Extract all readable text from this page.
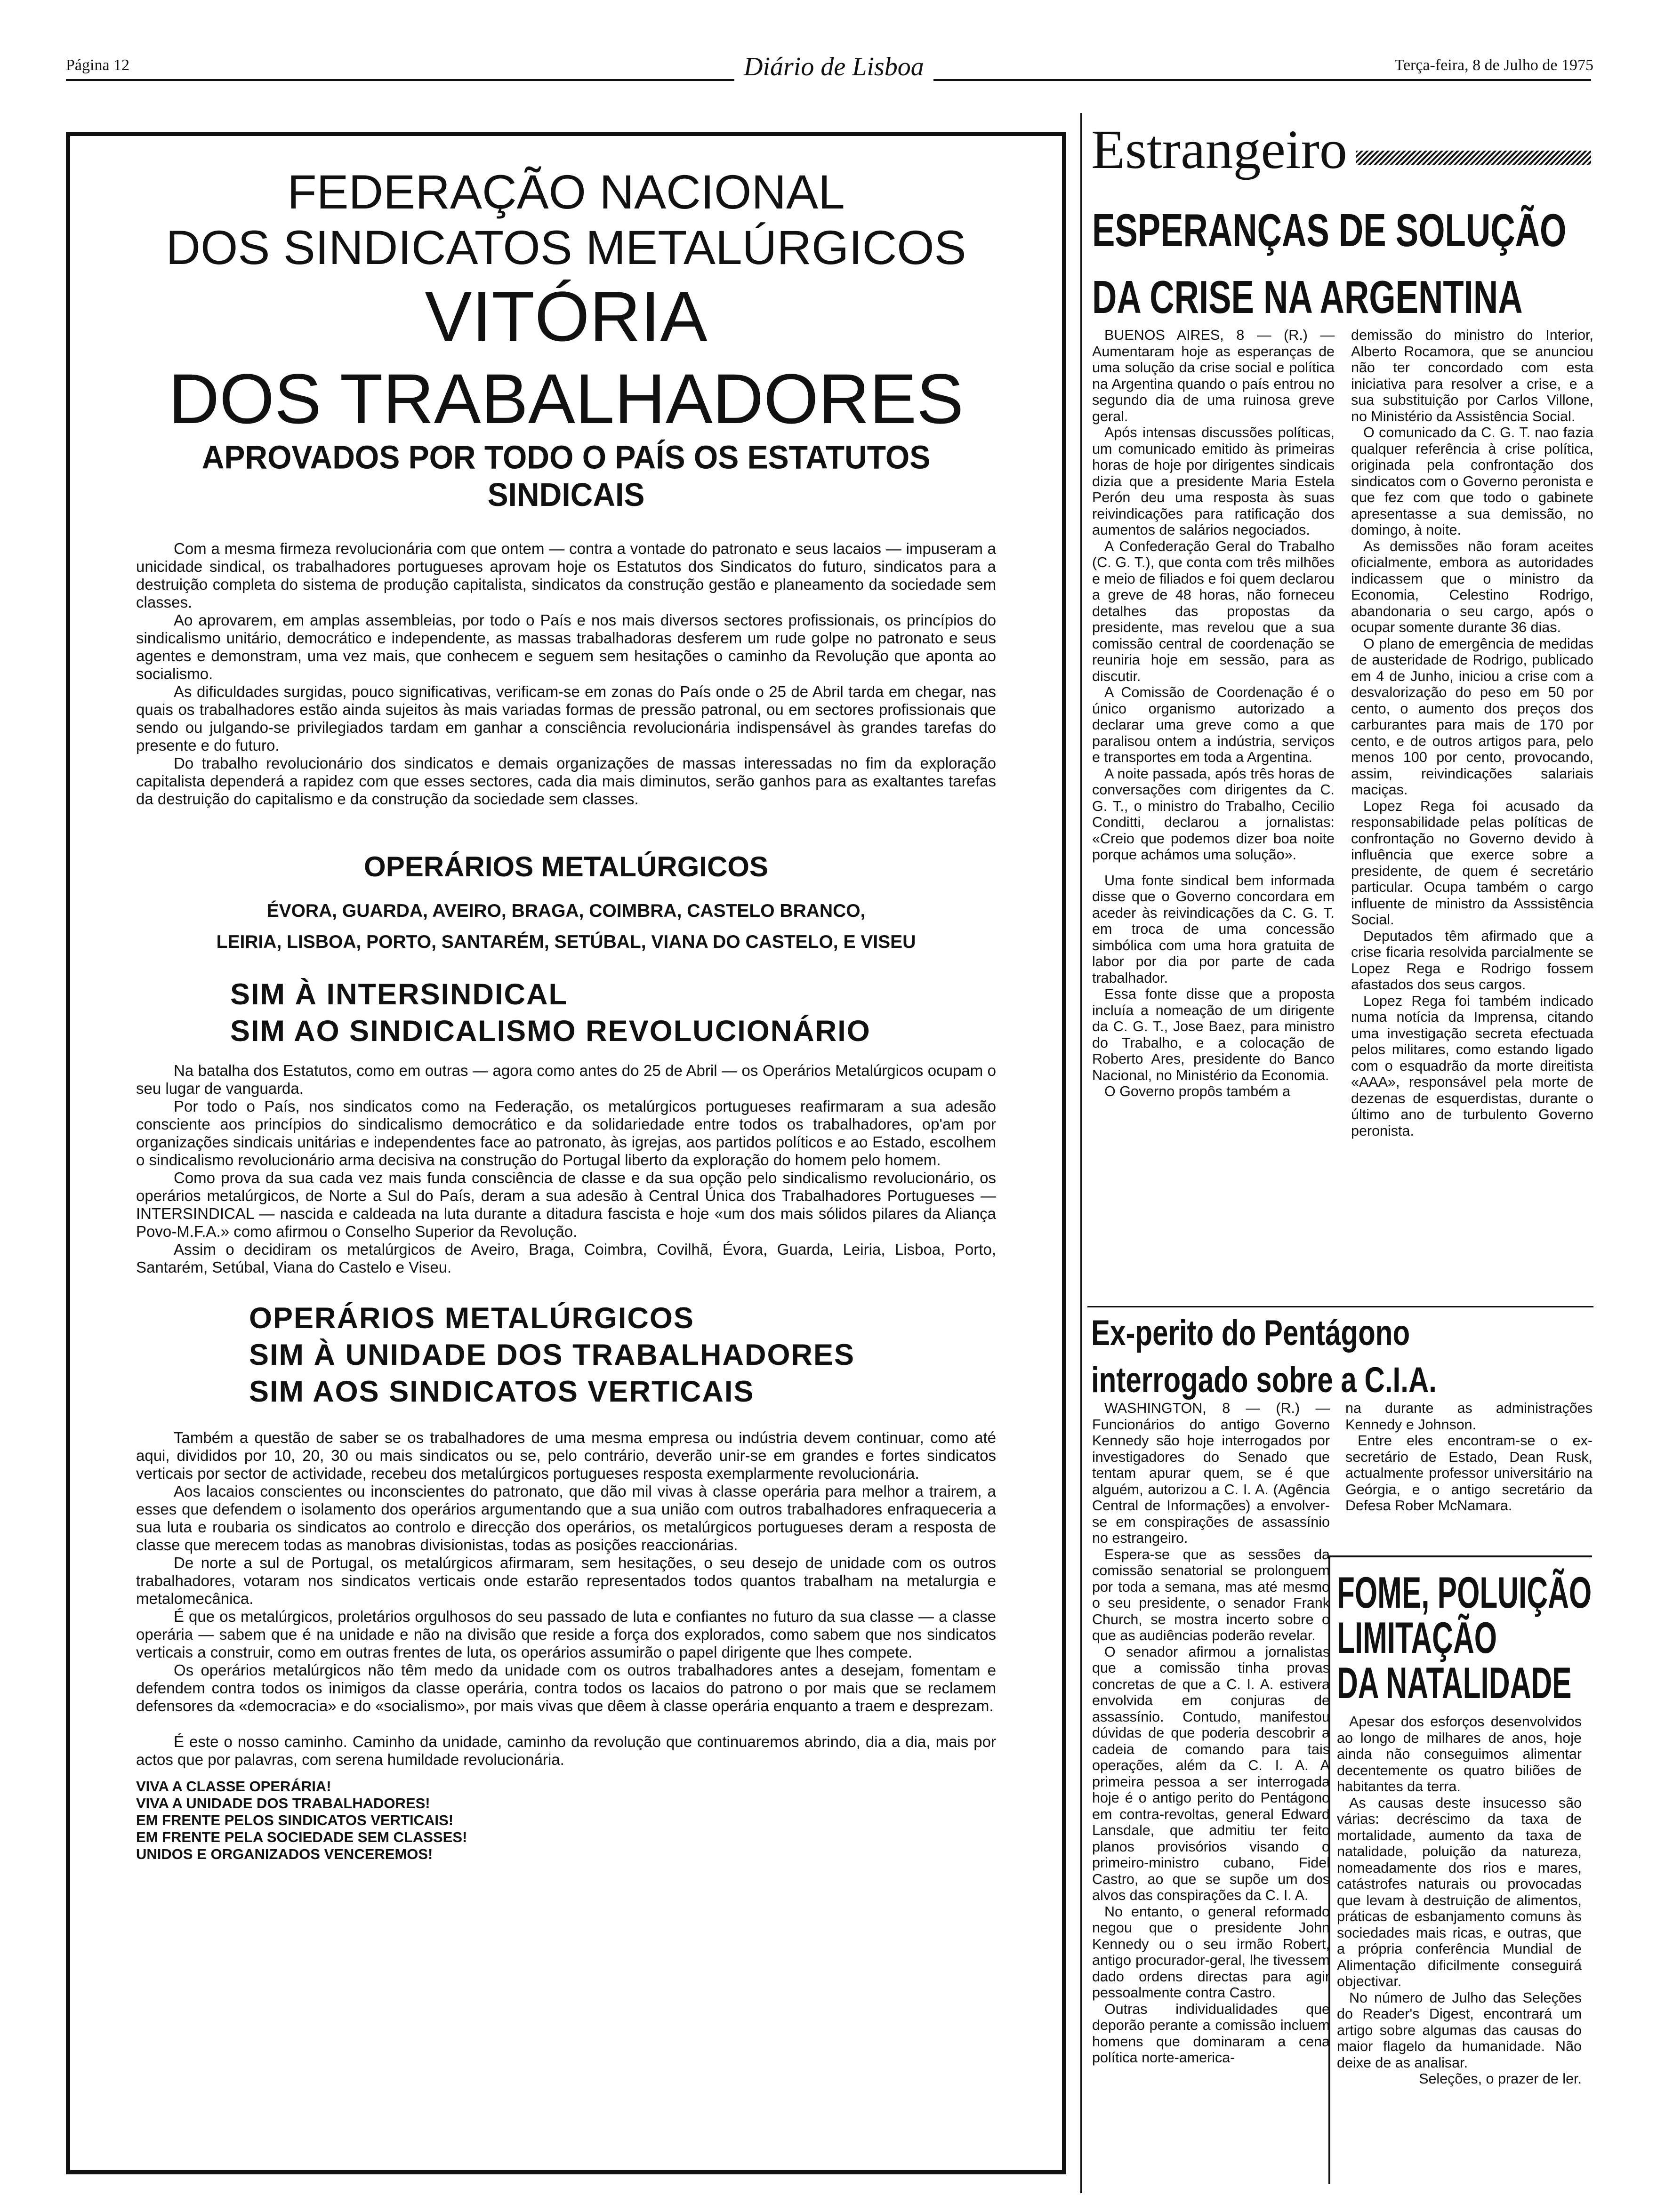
Página 12	Diário de Lisboa	Terça-feira, 8 de Julho de 1975

FEDERAÇÃO NACIONAL

DOS SINDICATOS METALÚRGICOS

VITÓRIA

DOS TRABALHADORES

APROVADOS POR TODO O PAÍS OS ESTATUTOS SINDICAIS

Com a mesma firmeza revolucionária com que ontem — contra a vontade do patronato e seus lacaios — impuseram a unicidade sindical, os trabalhadores portugueses aprovam hoje os Estatutos dos Sindicatos do futuro, sindicatos para a destruição completa do sistema de produção capitalista, sindicatos da construção gestão e planeamento da sociedade sem classes.

Ao aprovarem, em amplas assembleias, por todo o País e nos mais diversos sectores profissionais, os princípios do sindicalismo unitário, democrático e independente, as massas trabalhadoras desferem um rude golpe no patronato e seus agentes e demonstram, uma vez mais, que conhecem e seguem sem hesitações o caminho da Revolução que aponta ao socialismo.

As dificuldades surgidas, pouco significativas, verificam-se em zonas do País onde o 25 de Abril tarda em chegar, nas quais os trabalhadores estão ainda sujeitos às mais variadas formas de pressão patronal, ou em sectores profissionais que sendo ou julgando-se privilegiados tardam em ganhar a consciência revolucionária indispensável às grandes tarefas do presente e do futuro.

Do trabalho revolucionário dos sindicatos e demais organizações de massas interessadas no fim da exploração capitalista dependerá a rapidez com que esses sectores, cada dia mais diminutos, serão ganhos para as exaltantes tarefas da destruição do capitalismo e da construção da sociedade sem classes.

OPERÁRIOS METALÚRGICOS

ÉVORA, GUARDA, AVEIRO, BRAGA, COIMBRA, CASTELO BRANCO,

LEIRIA, LISBOA, PORTO, SANTARÉM, SETÚBAL, VIANA DO CASTELO, E VISEU

SIM À INTERSINDICAL

SIM AO SINDICALISMO REVOLUCIONÁRIO

Na batalha dos Estatutos, como em outras — agora como antes do 25 de Abril — os Operários Metalúrgicos ocupam o seu lugar de vanguarda.

Por todo o País, nos sindicatos como na Federação, os metalúrgicos portugueses reafirmaram a sua adesão consciente aos princípios do sindicalismo democrático e da solidariedade entre todos os trabalhadores, op'am por organizações sindicais unitárias e independentes face ao patronato, às igrejas, aos partidos políticos e ao Estado, escolhem o sindicalismo revolucionário arma decisiva na construção do Portugal liberto da exploração do homem pelo homem.

Como prova da sua cada vez mais funda consciência de classe e da sua opção pelo sindicalismo revolucionário, os operários metalúrgicos, de Norte a Sul do País, deram a sua adesão à Central Única dos Trabalhadores Portugueses — INTERSINDICAL — nascida e caldeada na luta durante a ditadura fascista e hoje «um dos mais sólidos pilares da Aliança Povo-M.F.A.» como afirmou o Conselho Superior da Revolução.

Assim o decidiram os metalúrgicos de Aveiro, Braga, Coimbra, Covilhã, Évora, Guarda, Leiria, Lisboa, Porto, Santarém, Setúbal, Viana do Castelo e Viseu.

OPERÁRIOS METALÚRGICOS

SIM À UNIDADE DOS TRABALHADORES

SIM AOS SINDICATOS VERTICAIS

Também a questão de saber se os trabalhadores de uma mesma empresa ou indústria devem continuar, como até aqui, divididos por 10, 20, 30 ou mais sindicatos ou se, pelo contrário, deverão unir-se em grandes e fortes sindicatos verticais por sector de actividade, recebeu dos metalúrgicos portugueses resposta exemplarmente revolucionária.

Aos lacaios conscientes ou inconscientes do patronato, que dão mil vivas à classe operária para melhor a trairem, a esses que defendem o isolamento dos operários argumentando que a sua união com outros trabalhadores enfraqueceria a sua luta e roubaria os sindicatos ao controlo e direcção dos operários, os metalúrgicos portugueses deram a resposta de classe que merecem todas as manobras divisionistas, todas as posições reaccionárias.

De norte a sul de Portugal, os metalúrgicos afirmaram, sem hesitações, o seu desejo de unidade com os outros trabalhadores, votaram nos sindicatos verticais onde estarão representados todos quantos trabalham na metalurgia e metalomecânica.

É que os metalúrgicos, proletários orgulhosos do seu passado de luta e confiantes no futuro da sua classe — a classe operária — sabem que é na unidade e não na divisão que reside a força dos explorados, como sabem que nos sindicatos verticais a construir, como em outras frentes de luta, os operários assumirão o papel dirigente que lhes compete.

Os operários metalúrgicos não têm medo da unidade com os outros trabalhadores antes a desejam, fomentam e defendem contra todos os inimigos da classe operária, contra todos os lacaios do patrono o por mais que se reclamem defensores da «democracia» e do «socialismo», por mais vivas que dêem à classe operária enquanto a traem e desprezam.

É este o nosso caminho. Caminho da unidade, caminho da revolução que continuaremos abrindo, dia a dia, mais por actos que por palavras, com serena humildade revolucionária.

VIVA A CLASSE OPERÁRIA!

VIVA A UNIDADE DOS TRABALHADORES!

EM FRENTE PELOS SINDICATOS VERTICAIS!

EM FRENTE PELA SOCIEDADE SEM CLASSES!

UNIDOS E ORGANIZADOS VENCEREMOS!

Estrangeiro
ESPERANÇAS DE SOLUÇÃO
DA CRISE NA ARGENTINA

BUENOS AIRES, 8 — (R.) — Aumentaram hoje as esperanças de uma solução da crise social e política na Argentina quando o país entrou no segundo dia de uma ruinosa greve geral.

Após intensas discussões políticas, um comunicado emitido às primeiras horas de hoje por dirigentes sindicais dizia que a presidente Maria Estela Perón deu uma resposta às suas reivindicações para ratificação dos aumentos de salários negociados.

A Confederação Geral do Trabalho (C. G. T.), que conta com três milhões e meio de filiados e foi quem declarou a greve de 48 horas, não forneceu detalhes das propostas da presidente, mas revelou que a sua comissão central de coordenação se reuniria hoje em sessão, para as discutir.

A Comissão de Coordenação é o único organismo autorizado a declarar uma greve como a que paralisou ontem a indústria, serviços e transportes em toda a Argentina.

A noite passada, após três horas de conversações com dirigentes da C. G. T., o ministro do Trabalho, Cecilio Conditti, declarou a jornalistas: «Creio que podemos dizer boa noite porque achámos uma solução».

Uma fonte sindical bem informada disse que o Governo concordara em aceder às reivindicações da C. G. T. em troca de uma concessão simbólica com uma hora gratuita de labor por dia por parte de cada trabalhador.

Essa fonte disse que a proposta incluía a nomeação de um dirigente da C. G. T., Jose Baez, para ministro do Trabalho, e a colocação de Roberto Ares, presidente do Banco Nacional, no Ministério da Economia.

O Governo propôs também a

demissão do ministro do Interior, Alberto Rocamora, que se anunciou não ter concordado com esta iniciativa para resolver a crise, e a sua substituição por Carlos Villone, no Ministério da Assistência Social.

O comunicado da C. G. T. nao fazia qualquer referência à crise política, originada pela confrontação dos sindicatos com o Governo peronista e que fez com que todo o gabinete apresentasse a sua demissão, no domingo, à noite.

As demissões não foram aceites oficialmente, embora as autoridades indicassem que o ministro da Economia, Celestino Rodrigo, abandonaria o seu cargo, após o ocupar somente durante 36 dias.

O plano de emergência de medidas de austeridade de Rodrigo, publicado em 4 de Junho, iniciou a crise com a desvalorização do peso em 50 por cento, o aumento dos preços dos carburantes para mais de 170 por cento, e de outros artigos para, pelo menos 100 por cento, provocando, assim, reivindicações salariais maciças.

Lopez Rega foi acusado da responsabilidade pelas políticas de confrontação no Governo devido à influência que exerce sobre a presidente, de quem é secretário particular. Ocupa também o cargo influente de ministro da Asssistência Social.

Deputados têm afirmado que a crise ficaria resolvida parcialmente se Lopez Rega e Rodrigo fossem afastados dos seus cargos.

Lopez Rega foi também indicado numa notícia da Imprensa, citando uma investigação secreta efectuada pelos militares, como estando ligado com o esquadrão da morte direitista «AAA», responsável pela morte de dezenas de esquerdistas, durante o último ano de turbulento Governo peronista.

Ex-perito do Pentágono
interrogado sobre a C.I.A.

WASHINGTON, 8 — (R.) — Funcionários do antigo Governo Kennedy são hoje interrogados por investigadores do Senado que tentam apurar quem, se é que alguém, autorizou a C. I. A. (Agência Central de Informações) a envolver-se em conspirações de assassínio no estrangeiro.

Espera-se que as sessões da comissão senatorial se prolonguem por toda a semana, mas até mesmo o seu presidente, o senador Frank Church, se mostra incerto sobre o que as audiências poderão revelar.

O senador afirmou a jornalistas que a comissão tinha provas concretas de que a C. I. A. estivera envolvida em conjuras de assassínio. Contudo, manifestou dúvidas de que poderia descobrir a cadeia de comando para tais operações, além da C. I. A. A primeira pessoa a ser interrogada hoje é o antigo perito do Pentágono em contra-revoltas, general Edward Lansdale, que admitiu ter feito planos provisórios visando o primeiro-ministro cubano, Fidel Castro, ao que se supõe um dos alvos das conspirações da C. I. A.

No entanto, o general reformado negou que o presidente John Kennedy ou o seu irmão Robert, antigo procurador-geral, lhe tivessem dado ordens directas para agir pessoalmente contra Castro.

Outras individualidades que deporão perante a comissão incluem homens que dominaram a cena política norte-america-

na durante as administrações Kennedy e Johnson.

Entre eles encontram-se o ex-secretário de Estado, Dean Rusk, actualmente professor universitário na Geórgia, e o antigo secretário da Defesa Rober McNamara.

FOME, POLUIÇÃO
LIMITAÇÃO
DA NATALIDADE

Apesar dos esforços desenvolvidos ao longo de milhares de anos, hoje ainda não conseguimos alimentar decentemente os quatro biliões de habitantes da terra.

As causas deste insucesso são várias: decréscimo da taxa de mortalidade, aumento da taxa de natalidade, poluição da natureza, nomeadamente dos rios e mares, catástrofes naturais ou provocadas que levam à destruição de alimentos, práticas de esbanjamento comuns às sociedades mais ricas, e outras, que a própria conferência Mundial de Alimentação dificilmente conseguirá objectivar.

No número de Julho das Seleções do Reader's Digest, encontrará um artigo sobre algumas das causas do maior flagelo da humanidade. Não deixe de as analisar.

Seleções, o prazer de ler.
